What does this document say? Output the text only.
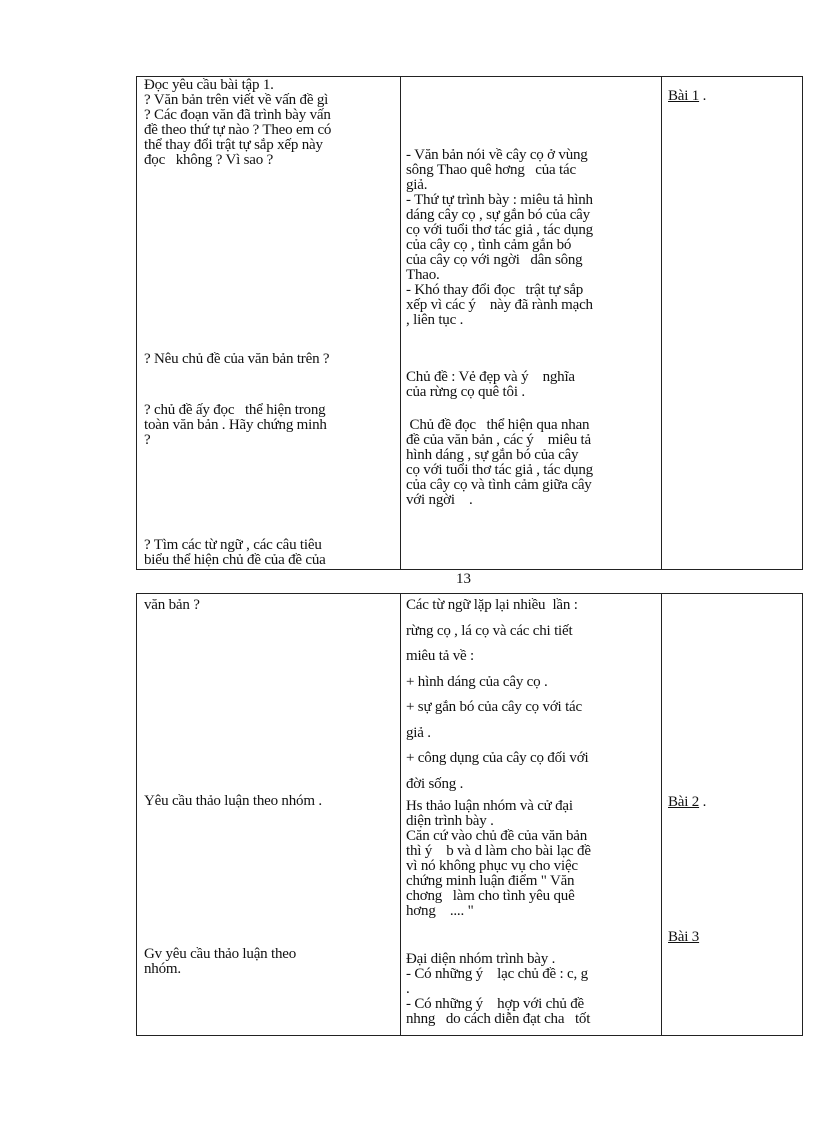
Đọc yêu cầu bài tập 1.

? Văn bản trên viết về vấn đề gì

? Các đoạn văn đã trình bày vấn

đề theo thứ tự nào ? Theo em có

thể thay đổi trật tự sắp xếp này

đọc   không ? Vì sao ?

? Nêu chủ đề của văn bản trên ?

? chủ đề ấy đọc   thể hiện trong

toàn văn bản . Hãy chứng minh

?

? Tìm các từ ngữ , các câu tiêu

biểu thể hiện chủ đề của đề của

- Văn bản nói về cây cọ ở vùng

sông Thao quê hơng   của tác

giả.

- Thứ tự trình bày : miêu tả hình

dáng cây cọ , sự gắn bó của cây

cọ với tuổi thơ tác giả , tác dụng

của cây cọ , tình cảm gắn bó

của cây cọ với ngời   dân sông

Thao.

- Khó thay đổi đọc   trật tự sắp

xếp vì các ý    này đã rành mạch

, liên tục .

Chủ đề : Vẻ đẹp và ý    nghĩa

của rừng cọ quê tôi .

Chủ đề đọc   thể hiện qua nhan

đề của văn bản , các ý    miêu tả

hình dáng , sự gắn bó của cây

cọ với tuổi thơ tác giả , tác dụng

của cây cọ và tình cảm giữa cây

với ngời    .

Bài 1 .

13

văn bản ?

Yêu cầu thảo luận theo nhóm .

Gv yêu cầu thảo luận theo

nhóm.

Các từ ngữ lặp lại nhiều  lần :

rừng cọ , lá cọ và các chi tiết

miêu tả về :

+ hình dáng của cây cọ .

+ sự gắn bó của cây cọ với tác

giả .

+ công dụng của cây cọ đối với

đời sống .

Hs thảo luận nhóm và cử đại

diện trình bày .

Căn cứ vào chủ đề của văn bản

thì ý    b và d làm cho bài lạc đề

vì nó không phục vụ cho việc

chứng minh luận điểm " Văn

chơng   làm cho tình yêu quê

hơng    .... "

Đại diện nhóm trình bày .

- Có những ý    lạc chủ đề : c, g

.

- Có những ý    hợp với chủ đề

nhng   do cách diễn đạt cha   tốt

Bài 2 .

Bài 3
